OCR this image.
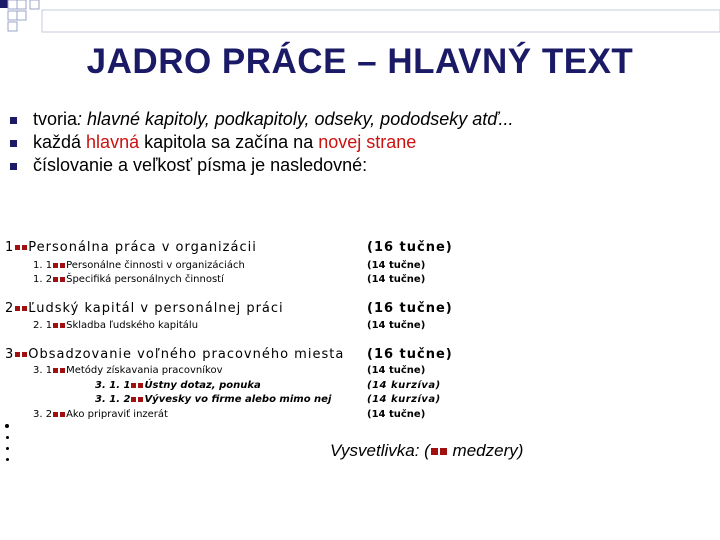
JADRO PRÁCE – HLAVNÝ TEXT
tvoria: hlavné kapitoly, podkapitoly, odseky, pododseky atď...
každá hlavná kapitola sa začína na novej strane
číslovanie a veľkosť písma je nasledovné:
1 Personálna práca v organizácii	(16 tučne)
1. 1 Personálne činnosti v organizáciách	(14 tučne)
1. 2 Špecifiká personálnych činností	(14 tučne)
2 Ľudský kapitál v personálnej práci	(16 tučne)
2. 1 Skladba ľudského kapitálu	(14 tučne)
3 Obsadzovanie voľného pracovného miesta (16 tučne)
3. 1 Metódy získavania pracovníkov	(14 tučne)
3. 1. 1 Ústny dotaz, ponuka	(14 kurzíva)
3. 1. 2 Vývesky vo firme alebo mimo nej	(14 kurzíva)
3. 2 Ako pripraviť inzerát	(14 tučne)
Vysvetlivka: ( medzery)
